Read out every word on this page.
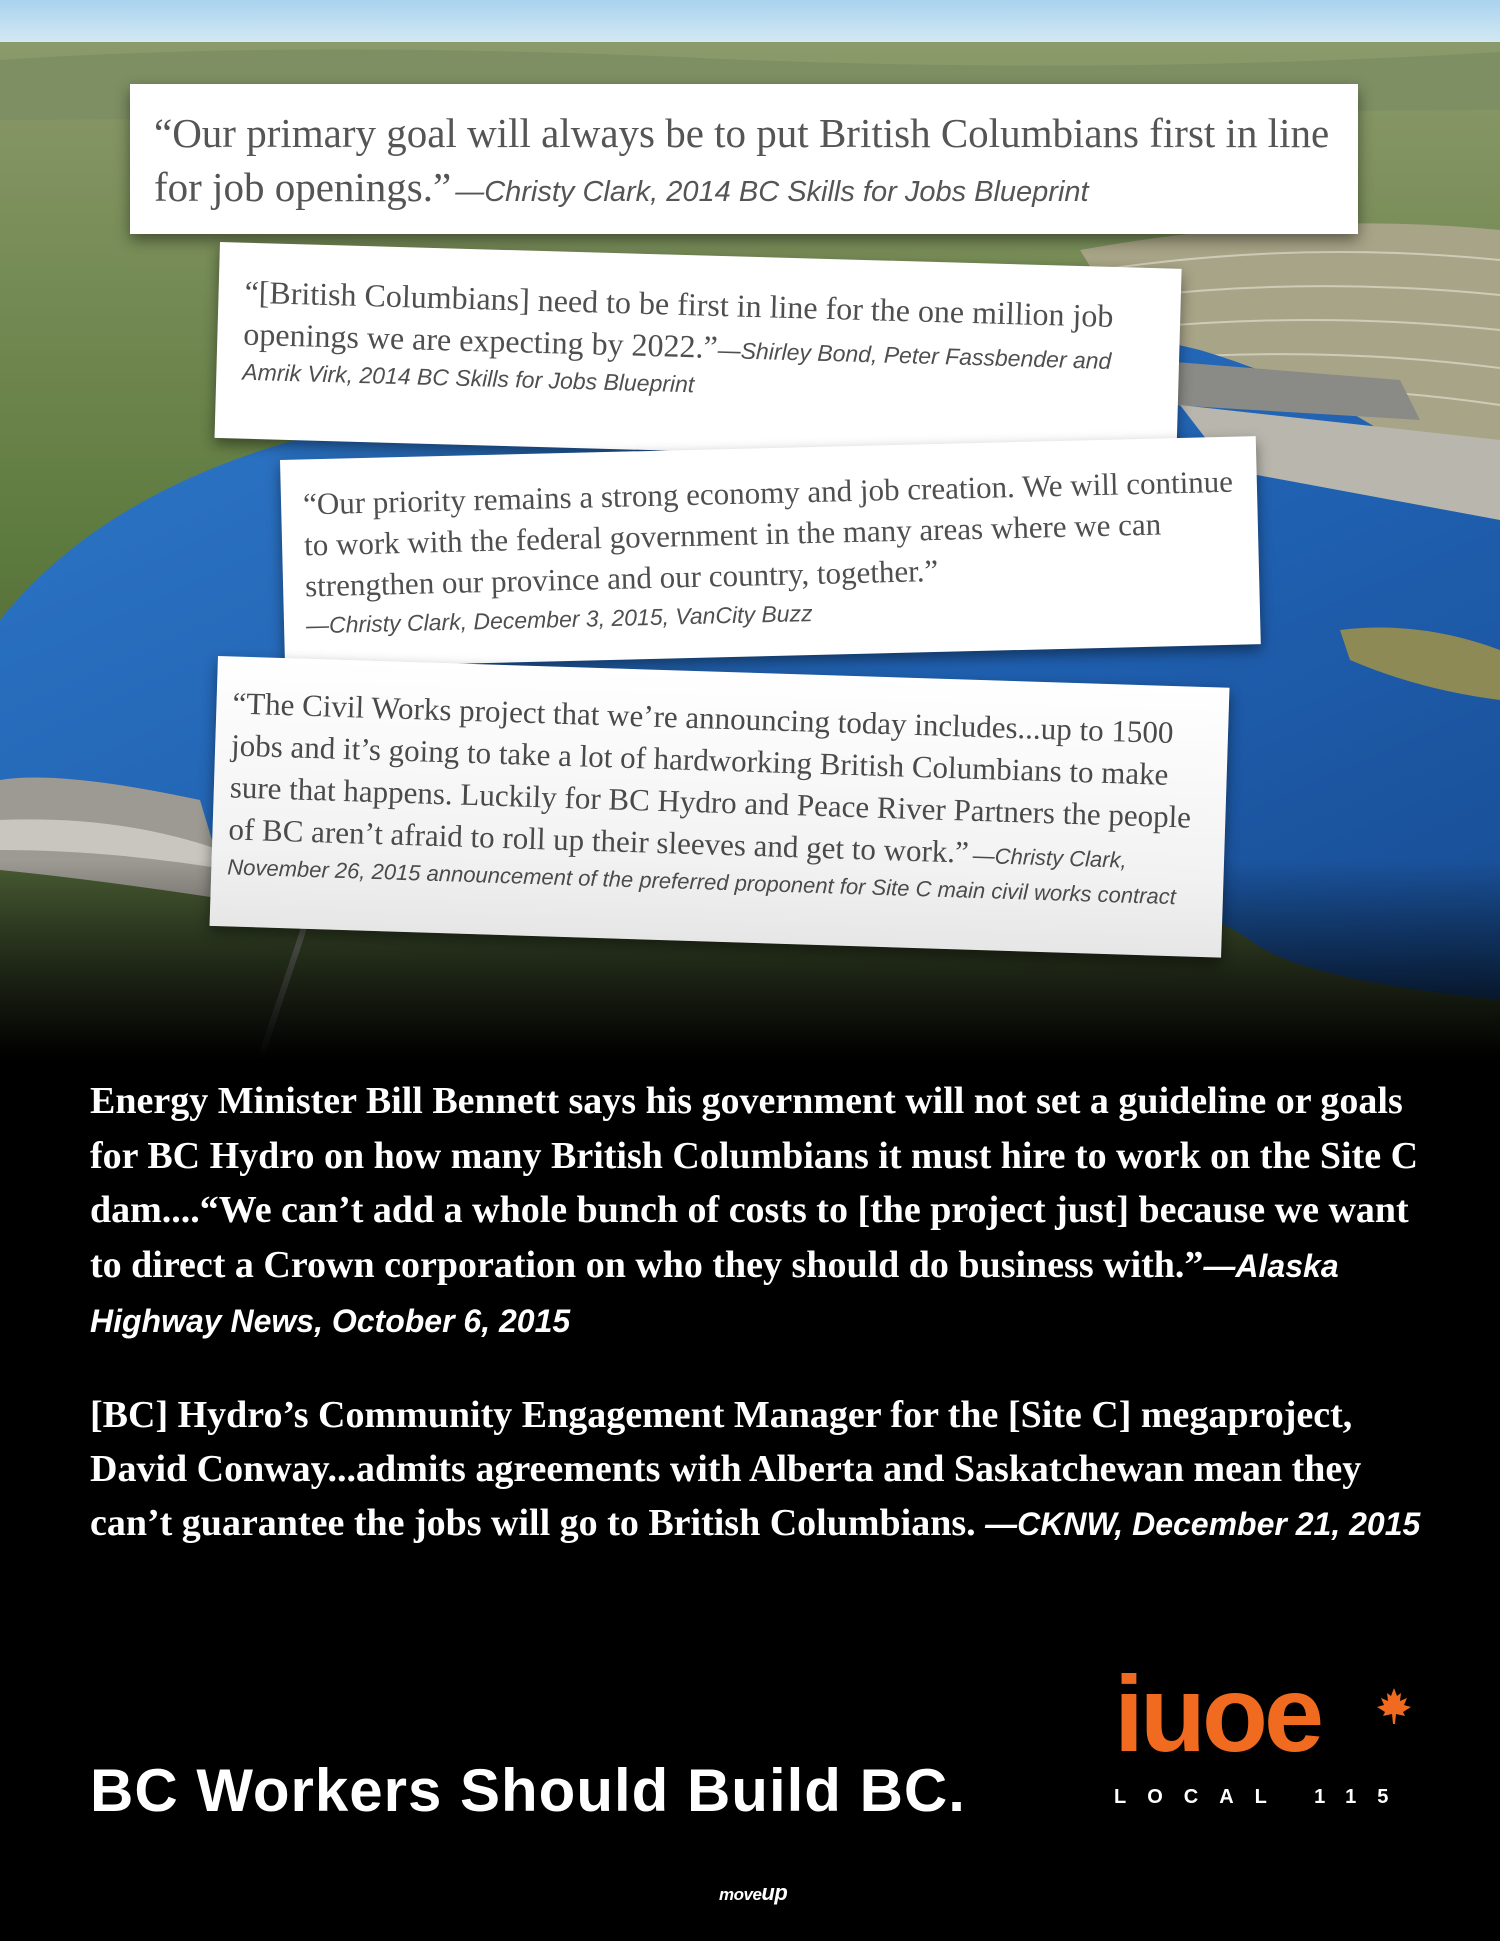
“Our primary goal will always be to put British Columbians first in line for job openings.” —Christy Clark, 2014 BC Skills for Jobs Blueprint
“[British Columbians] need to be first in line for the one million job openings we are expecting by 2022.”—Shirley Bond, Peter Fassbender and Amrik Virk, 2014 BC Skills for Jobs Blueprint
“Our priority remains a strong economy and job creation. We will continue to work with the federal government in the many areas where we can strengthen our province and our country, together.”
—Christy Clark, December 3, 2015, VanCity Buzz
“The Civil Works project that we’re announcing today includes...up to 1500 jobs and it’s going to take a lot of hardworking British Columbians to make sure that happens. Luckily for BC Hydro and Peace River Partners the people of BC aren’t afraid to roll up their sleeves and get to work.” —Christy Clark, November 26, 2015 announcement of the preferred proponent for Site C main civil works contract
Energy Minister Bill Bennett says his government will not set a guideline or goals for BC Hydro on how many British Columbians it must hire to work on the Site C dam....“We can’t add a whole bunch of costs to [the project just] because we want to direct a Crown corporation on who they should do business with.”—Alaska Highway News, October 6, 2015
[BC] Hydro’s Community Engagement Manager for the [Site C] megaproject, David Conway...admits agreements with Alberta and Saskatchewan mean they can’t guarantee the jobs will go to British Columbians. —CKNW, December 21, 2015
BC Workers Should Build BC.
iuoe
LOCAL 115
moveup
